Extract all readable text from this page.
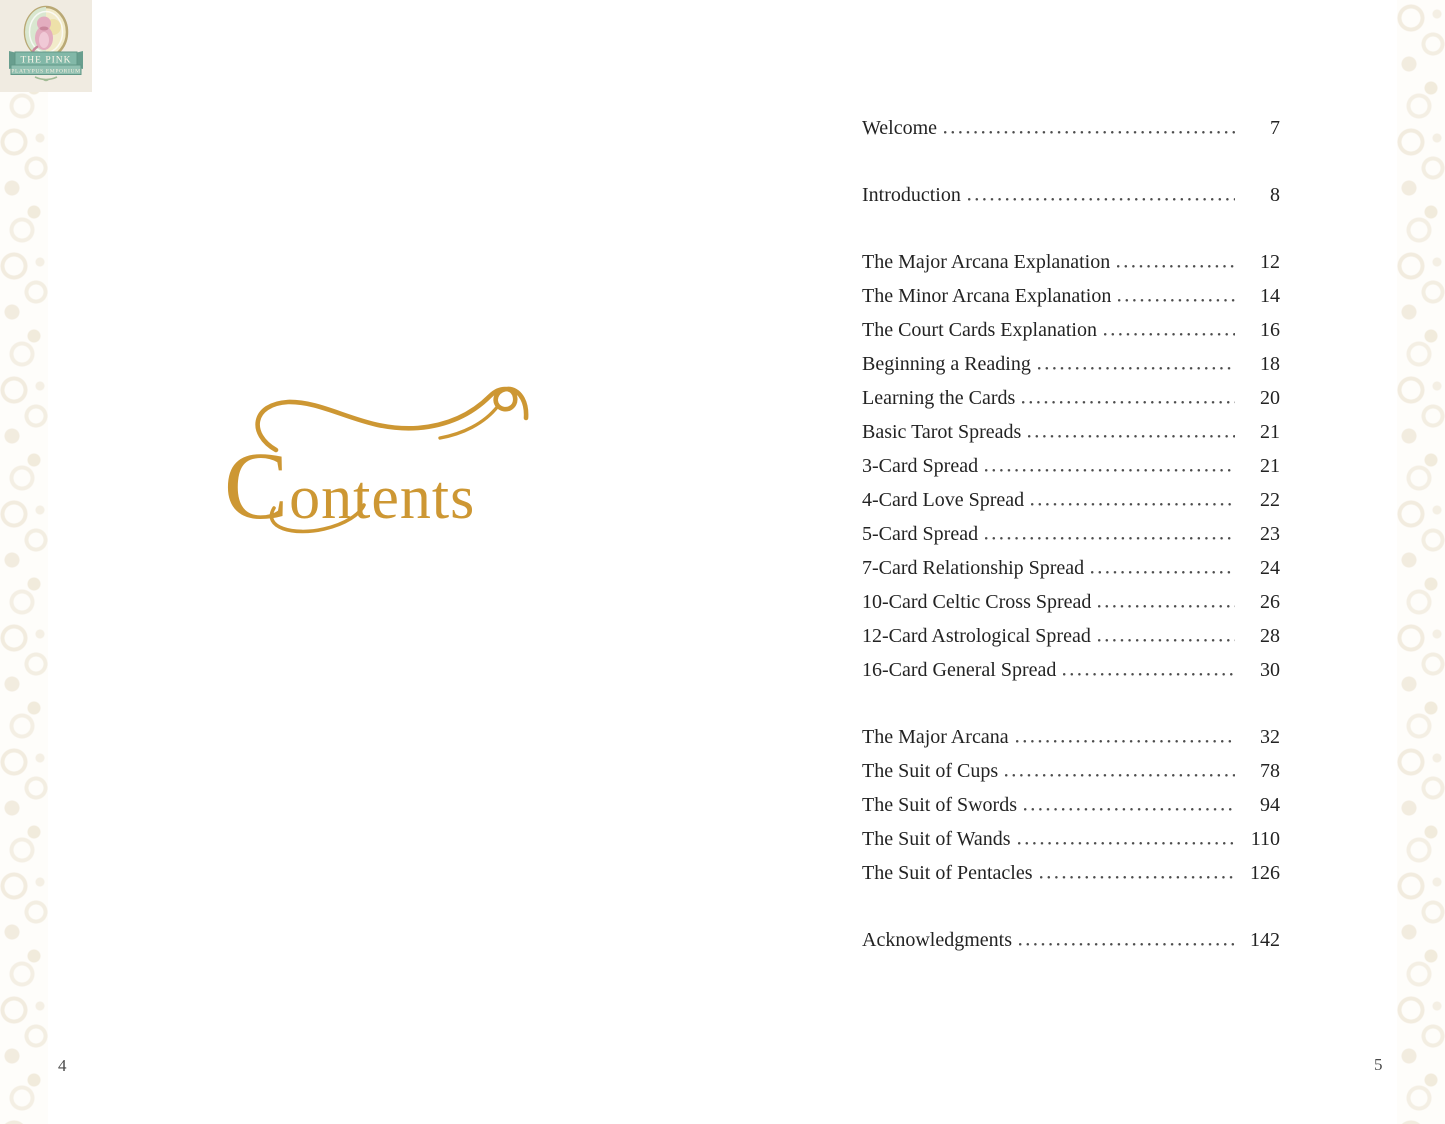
THE PINK
PLATYPUS EMPORIUM
Contents
Welcome	7
Introduction	8
The Major Arcana Explanation	12
The Minor Arcana Explanation	14
The Court Cards Explanation	16
Beginning a Reading	18
Learning the Cards	20
Basic Tarot Spreads	21
3-Card Spread	21
4-Card Love Spread	22
5-Card Spread	23
7-Card Relationship Spread	24
10-Card Celtic Cross Spread	26
12-Card Astrological Spread	28
16-Card General Spread	30
The Major Arcana	32
The Suit of Cups	78
The Suit of Swords	94
The Suit of Wands	110
The Suit of Pentacles	126
Acknowledgments	142
4	5
